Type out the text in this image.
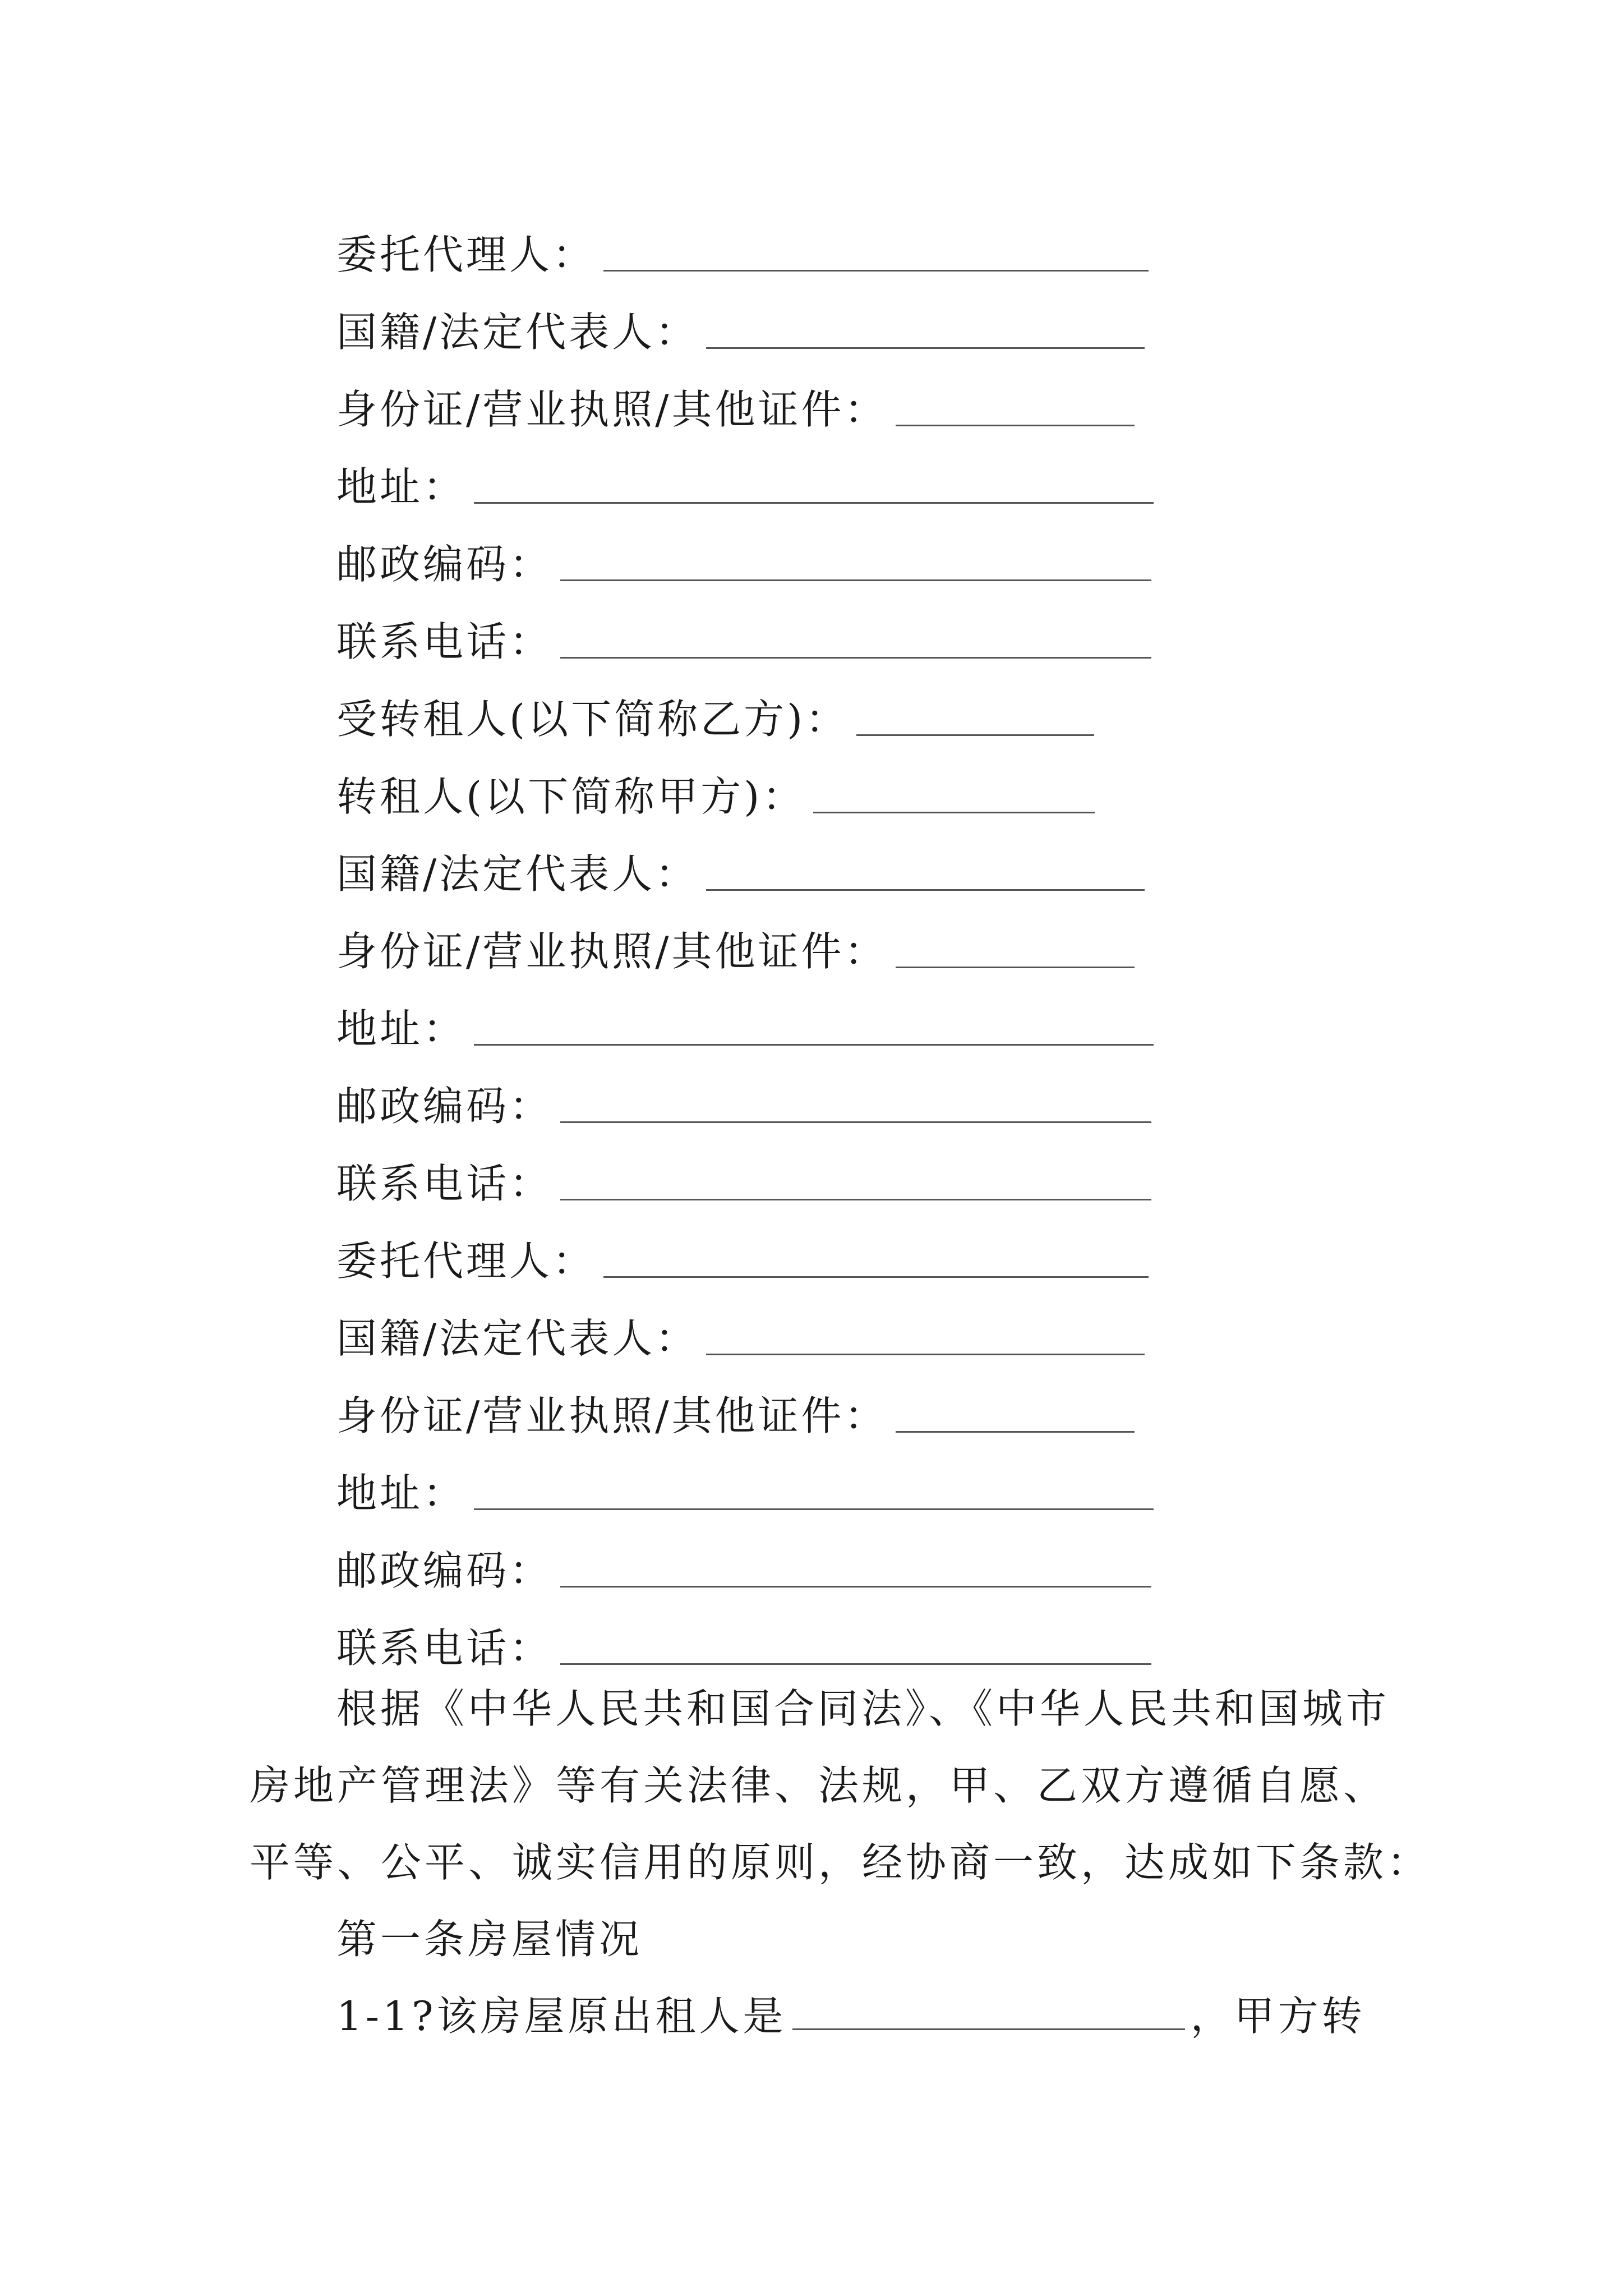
委托代理人：
国籍/法定代表人：
身份证/营业执照/其他证件：
地址：
邮政编码：
联系电话：
受转租人(以下简称乙方)：
转租人(以下简称甲方)：
国籍/法定代表人：
身份证/营业执照/其他证件：
地址：
邮政编码：
联系电话：
委托代理人：
国籍/法定代表人：
身份证/营业执照/其他证件：
地址：
邮政编码：
联系电话：
根据《中华人民共和国合同法》、《中华人民共和国城市
房地产管理法》等有关法律、法规，甲、乙双方遵循自愿、
平等、公平、诚实信用的原则，经协商一致，达成如下条款：
第一条房屋情况
1-1?该房屋原出租人是	，甲方转
